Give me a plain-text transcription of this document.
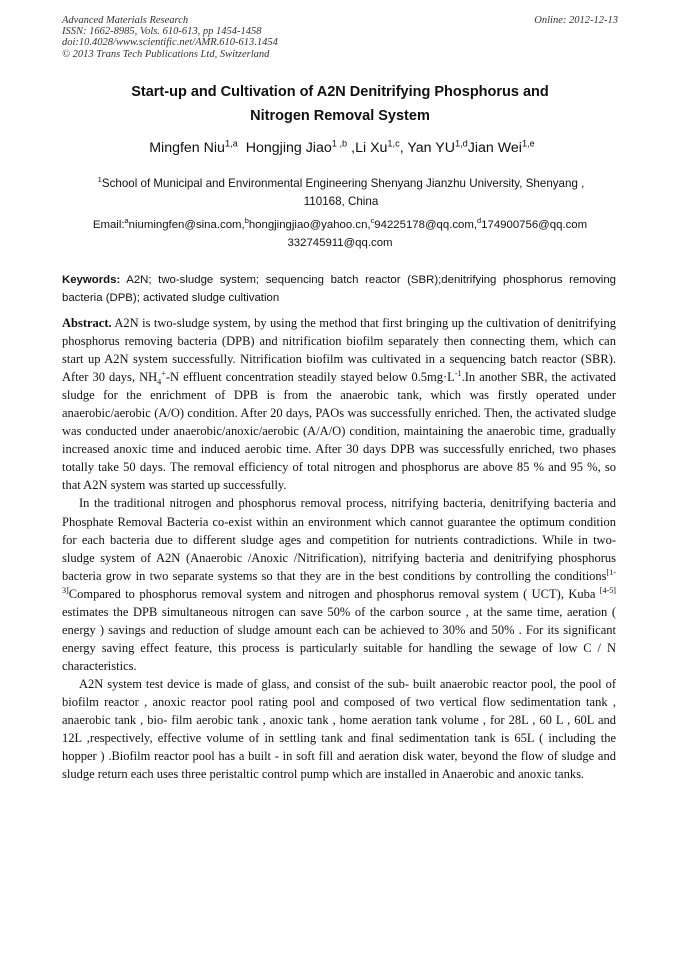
Advanced Materials Research
ISSN: 1662-8985, Vols. 610-613, pp 1454-1458
doi:10.4028/www.scientific.net/AMR.610-613.1454
© 2013 Trans Tech Publications Ltd, Switzerland
Online: 2012-12-13
Start-up and Cultivation of A2N Denitrifying Phosphorus and
Nitrogen Removal System
Mingfen Niu$^{1,a}$ Hongjing Jiao$^{1 ,b}$ ,Li Xu$^{1,c}$, Yan YU$^{1,d}$Jian Wei$^{1,e}$
$^1$School of Municipal and Environmental Engineering Shenyang Jianzhu University, Shenyang ,
110168, China
Email:$^a$niumingfen@sina.com,$^b$hongjingjiao@yahoo.cn,$^c$94225178@qq.com,$^d$174900756@qq.com
332745911@qq.com
Keywords: A2N; two-sludge system; sequencing batch reactor (SBR);denitrifying phosphorus removing bacteria (DPB); activated sludge cultivation

Abstract. A2N is two-sludge system, by using the method that first bringing up the cultivation of denitrifying phosphorus removing bacteria (DPB) and nitrification biofilm separately then connecting them, which can start up A2N system successfully. Nitrification biofilm was cultivated in a sequencing batch reactor (SBR). After 30 days, $NH_4^+-N$ effluent concentration steadily stayed below $0.5mg\cdot L^{-1}.In$ another SBR, the activated sludge for the enrichment of DPB is from the anaerobic tank, which was firstly operated under anaerobic/aerobic (A/O) condition. After 20 days, PAOs was successfully enriched. Then, the activated sludge was conducted under anaerobic/anoxic/aerobic (A/A/O) condition, maintaining the anaerobic time, gradually increased anoxic time and induced aerobic time. After 30 days DPB was successfully enriched, two phases totally take 50 days. The removal efficiency of total nitrogen and phosphorus are above 85 % and 95 %, so that A2N system was started up successfully.

In the traditional nitrogen and phosphorus removal process, nitrifying bacteria, denitrifying bacteria and Phosphate Removal Bacteria co-exist within an environment which cannot guarantee the optimum condition for each bacteria due to different sludge ages and competition for nutrients contradictions. While in two-sludge system of A2N (Anaerobic /Anoxic /Nitrification), nitrifying bacteria and denitrifying phosphorus bacteria grow in two separate systems so that they are in the best conditions by controlling the conditions[1-3]Compared to phosphorus removal system and nitrogen and phosphorus removal system ( UCT), Kuba [4-5] estimates the DPB simultaneous nitrogen can save 50% of the carbon source , at the same time, aeration ( energy ) savings and reduction of sludge amount each can be achieved to 30% and 50% . For its significant energy saving effect feature, this process is particularly suitable for handling the sewage of low C / N characteristics.

A2N system test device is made of glass, and consist of the sub- built anaerobic reactor pool, the pool of biofilm reactor , anoxic reactor pool rating pool and composed of two vertical flow sedimentation tank , anaerobic tank , bio- film aerobic tank , anoxic tank , home aeration tank volume , for 28L , 60 L , 60L and 12L ,respectively, effective volume of in settling tank and final sedimentation tank is 65L ( including the hopper ) .Biofilm reactor pool has a built - in soft fill and aeration disk water, beyond the flow of sludge and sludge return each uses three peristaltic control pump which are installed in Anaerobic and anoxic tanks.
